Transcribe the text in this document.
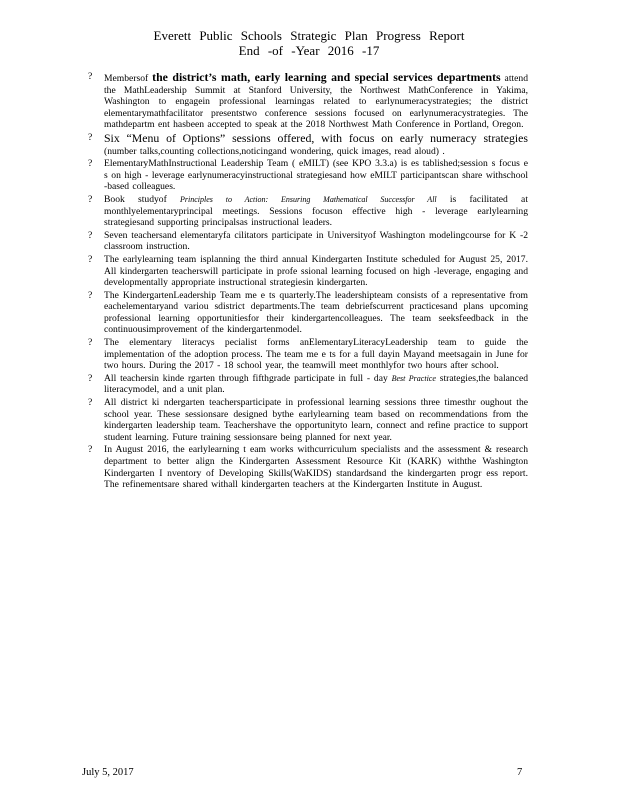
Everett Public Schools Strategic Plan Progress Report
End -of -Year 2016 -17
? Membersof the district’s math, early learning and special services departments attend the MathLeadership Summit at Stanford University, the Northwest MathConference in Yakima, Washington to engagein professional learningas related to earlynumeracystrategies; the district elementarymathfacilitator presentstwo conference sessions focused on earlynumeracystrategies. The mathdepartm ent hasbeen accepted to speak at the 2018 Northwest Math Conference in Portland, Oregon.
? Six “Menu of Options” sessions offered, with focus on early numeracy strategies (number talks,counting collections,noticingand wondering, quick images, read aloud) .
? ElementaryMathInstructional Leadership Team ( eMILT) (see KPO 3.3.a) is es tablished;session s focus e s on high - leverage earlynumeracyinstructional strategiesand how eMILT participantscan share withschool -based colleagues.
? Book studyof Principles to Action: Ensuring Mathematical Successfor All is facilitated at monthlyelementaryprincipal meetings. Sessions focuson effective high - leverage earlylearning strategiesand supporting principalsas instructional leaders.
? Seven teachersand elementaryfa cilitators participate in Universityof Washington modelingcourse for K -2 classroom instruction.
? The earlylearning team isplanning the third annual Kindergarten Institute scheduled for August 25, 2017. All kindergarten teacherswill participate in profe ssional learning focused on high -leverage, engaging and developmentally appropriate instructional strategiesin kindergarten.
? The KindergartenLeadership Team me e ts quarterly.The leadershipteam consists of a representative from eachelementaryand variou sdistrict departments.The team debriefscurrent practicesand plans upcoming professional learning opportunitiesfor their kindergartencolleagues. The team seeksfeedback in the continuousimprovement of the kindergartenmodel.
? The elementary literacys pecialist forms anElementaryLiteracyLeadership team to guide the implementation of the adoption process. The team me e ts for a full dayin Mayand meetsagain in June for two hours. During the 2017 - 18 school year, the teamwill meet monthlyfor two hours after school.
? All teachersin kinde rgarten through fifthgrade participate in full - day Best Practice strategies,the balanced literacymodel, and a unit plan.
? All district ki ndergarten teachersparticipate in professional learning sessions three timesthr oughout the school year. These sessionsare designed bythe earlylearning team based on recommendations from the kindergarten leadership team. Teachershave the opportunityto learn, connect and refine practice to support student learning. Future training sessionsare being planned for next year.
? In August 2016, the earlylearning t eam works withcurriculum specialists and the assessment & research department to better align the Kindergarten Assessment Resource Kit (KARK) withthe Washington Kindergarten I nventory of Developing Skills(WaKIDS) standardsand the kindergarten progr ess report. The refinementsare shared withall kindergarten teachers at the Kindergarten Institute in August.
July 5, 2017	7
